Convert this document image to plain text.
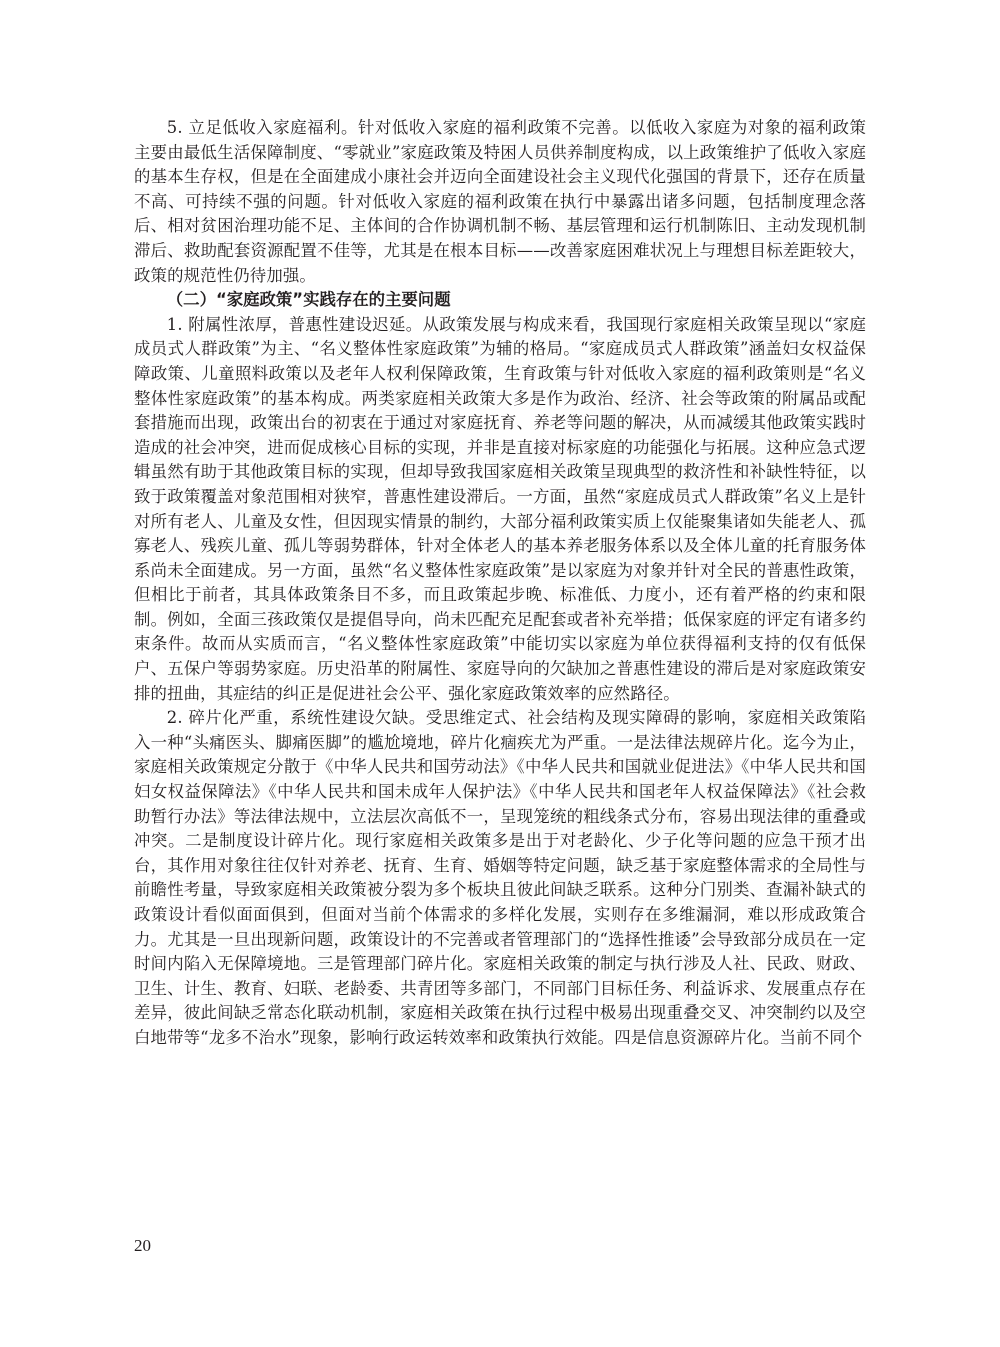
5. 立足低收入家庭福利。针对低收入家庭的福利政策不完善。以低收入家庭为对象的福利政策主要由最低生活保障制度、“零就业”家庭政策及特困人员供养制度构成，以上政策维护了低收入家庭的基本生存权，但是在全面建成小康社会并迈向全面建设社会主义现代化强国的背景下，还存在质量不高、可持续不强的问题。针对低收入家庭的福利政策在执行中暴露出诸多问题，包括制度理念落后、相对贫困治理功能不足、主体间的合作协调机制不畅、基层管理和运行机制陈旧、主动发现机制滞后、救助配套资源配置不佳等，尤其是在根本目标——改善家庭困难状况上与理想目标差距较大，政策的规范性仍待加强。

（二）“家庭政策”实践存在的主要问题

1. 附属性浓厚，普惠性建设迟延。从政策发展与构成来看，我国现行家庭相关政策呈现以“家庭成员式人群政策”为主、“名义整体性家庭政策”为辅的格局。“家庭成员式人群政策”涵盖妇女权益保障政策、儿童照料政策以及老年人权利保障政策，生育政策与针对低收入家庭的福利政策则是“名义整体性家庭政策”的基本构成。两类家庭相关政策大多是作为政治、经济、社会等政策的附属品或配套措施而出现，政策出台的初衷在于通过对家庭抚育、养老等问题的解决，从而减缓其他政策实践时造成的社会冲突，进而促成核心目标的实现，并非是直接对标家庭的功能强化与拓展。这种应急式逻辑虽然有助于其他政策目标的实现，但却导致我国家庭相关政策呈现典型的救济性和补缺性特征，以致于政策覆盖对象范围相对狭窄，普惠性建设滞后。一方面，虽然“家庭成员式人群政策”名义上是针对所有老人、儿童及女性，但因现实情景的制约，大部分福利政策实质上仅能聚集诸如失能老人、孤寡老人、残疾儿童、孤儿等弱势群体，针对全体老人的基本养老服务体系以及全体儿童的托育服务体系尚未全面建成。另一方面，虽然“名义整体性家庭政策”是以家庭为对象并针对全民的普惠性政策，但相比于前者，其具体政策条目不多，而且政策起步晚、标准低、力度小，还有着严格的约束和限制。例如，全面三孩政策仅是提倡导向，尚未匹配充足配套或者补充举措；低保家庭的评定有诸多约束条件。故而从实质而言，“名义整体性家庭政策”中能切实以家庭为单位获得福利支持的仅有低保户、五保户等弱势家庭。历史沿革的附属性、家庭导向的欠缺加之普惠性建设的滞后是对家庭政策安排的扭曲，其症结的纠正是促进社会公平、强化家庭政策效率的应然路径。

2. 碎片化严重，系统性建设欠缺。受思维定式、社会结构及现实障碍的影响，家庭相关政策陷入一种“头痛医头、脚痛医脚”的尴尬境地，碎片化痼疾尤为严重。一是法律法规碎片化。迄今为止，家庭相关政策规定分散于《中华人民共和国劳动法》《中华人民共和国就业促进法》《中华人民共和国妇女权益保障法》《中华人民共和国未成年人保护法》《中华人民共和国老年人权益保障法》《社会救助暂行办法》等法律法规中，立法层次高低不一，呈现笼统的粗线条式分布，容易出现法律的重叠或冲突。二是制度设计碎片化。现行家庭相关政策多是出于对老龄化、少子化等问题的应急干预才出台，其作用对象往往仅针对养老、抚育、生育、婚姻等特定问题，缺乏基于家庭整体需求的全局性与前瞻性考量，导致家庭相关政策被分裂为多个板块且彼此间缺乏联系。这种分门别类、查漏补缺式的政策设计看似面面俱到，但面对当前个体需求的多样化发展，实则存在多维漏洞，难以形成政策合力。尤其是一旦出现新问题，政策设计的不完善或者管理部门的“选择性推诿”会导致部分成员在一定时间内陷入无保障境地。三是管理部门碎片化。家庭相关政策的制定与执行涉及人社、民政、财政、卫生、计生、教育、妇联、老龄委、共青团等多部门，不同部门目标任务、利益诉求、发展重点存在差异，彼此间缺乏常态化联动机制，家庭相关政策在执行过程中极易出现重叠交叉、冲突制约以及空白地带等“龙多不治水”现象，影响行政运转效率和政策执行效能。四是信息资源碎片化。当前不同个

20
